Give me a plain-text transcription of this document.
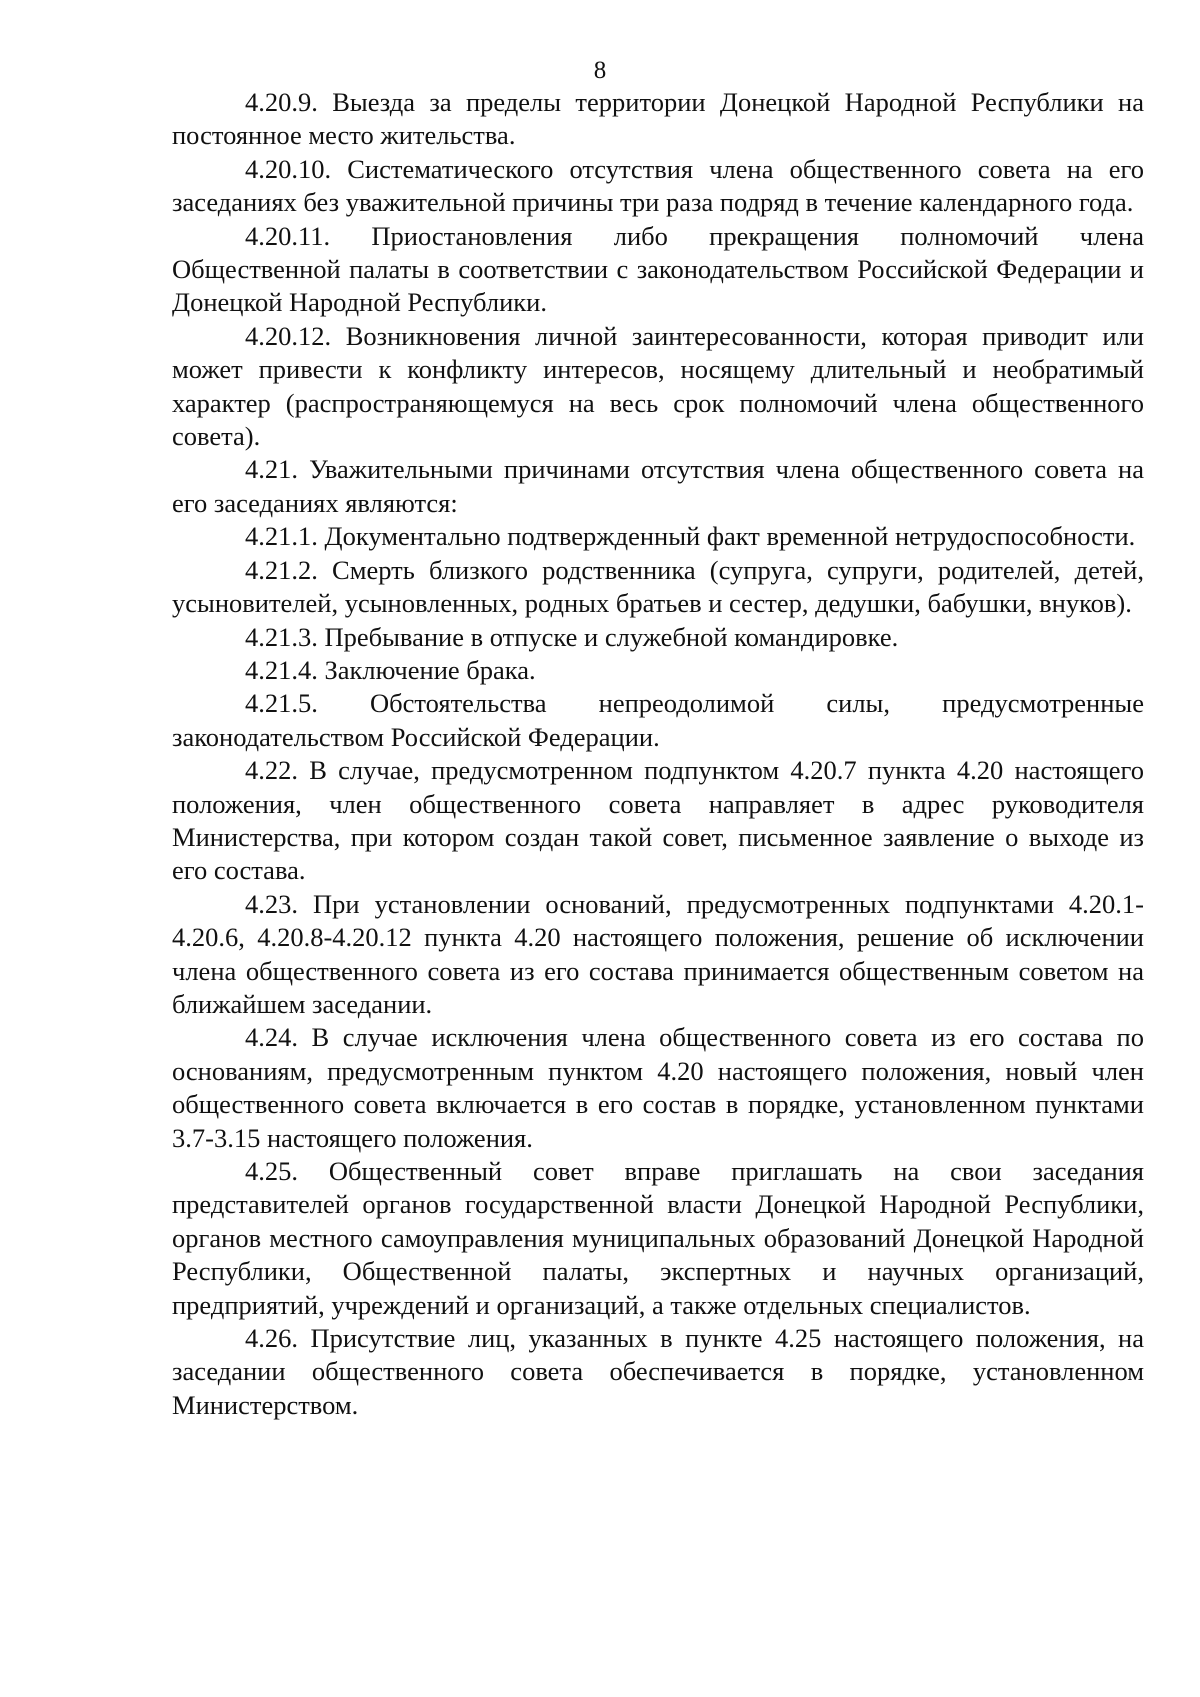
8

4.20.9. Выезда за пределы территории Донецкой Народной Республики на постоянное место жительства.

4.20.10. Систематического отсутствия члена общественного совета на его заседаниях без уважительной причины три раза подряд в течение календарного года.

4.20.11. Приостановления либо прекращения полномочий члена Общественной палаты в соответствии с законодательством Российской Федерации и Донецкой Народной Республики.

4.20.12. Возникновения личной заинтересованности, которая приводит или может привести к конфликту интересов, носящему длительный и необратимый характер (распространяющемуся на весь срок полномочий члена общественного совета).

4.21. Уважительными причинами отсутствия члена общественного совета на его заседаниях являются:

4.21.1. Документально подтвержденный факт временной нетрудоспособности.

4.21.2. Смерть близкого родственника (супруга, супруги, родителей, детей, усыновителей, усыновленных, родных братьев и сестер, дедушки, бабушки, внуков).

4.21.3. Пребывание в отпуске и служебной командировке.

4.21.4. Заключение брака.

4.21.5. Обстоятельства непреодолимой силы, предусмотренные законодательством Российской Федерации.

4.22. В случае, предусмотренном подпунктом 4.20.7 пункта 4.20 настоящего положения, член общественного совета направляет в адрес руководителя Министерства, при котором создан такой совет, письменное заявление о выходе из его состава.

4.23. При установлении оснований, предусмотренных подпунктами 4.20.1-4.20.6, 4.20.8-4.20.12 пункта 4.20 настоящего положения, решение об исключении члена общественного совета из его состава принимается общественным советом на ближайшем заседании.

4.24. В случае исключения члена общественного совета из его состава по основаниям, предусмотренным пунктом 4.20 настоящего положения, новый член общественного совета включается в его состав в порядке, установленном пунктами 3.7-3.15 настоящего положения.

4.25. Общественный совет вправе приглашать на свои заседания представителей органов государственной власти Донецкой Народной Республики, органов местного самоуправления муниципальных образований Донецкой Народной Республики, Общественной палаты, экспертных и научных организаций, предприятий, учреждений и организаций, а также отдельных специалистов.

4.26. Присутствие лиц, указанных в пункте 4.25 настоящего положения, на заседании общественного совета обеспечивается в порядке, установленном Министерством.
